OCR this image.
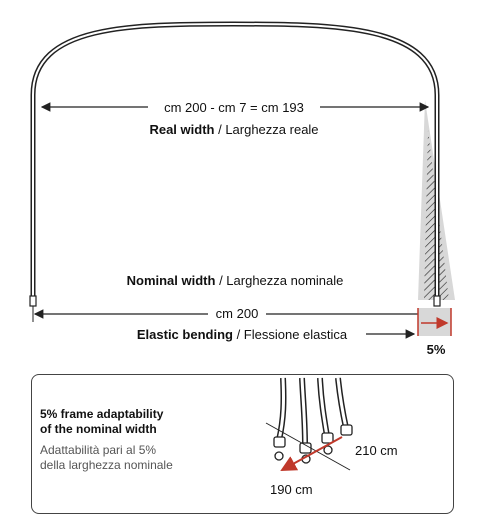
cm 200 - cm 7 = cm 193
Real width / Larghezza reale
Nominal width / Larghezza nominale
cm 200
Elastic bending / Flessione elastica
5%
5% frame adaptability
of the nominal width
Adattabilità pari al 5%
della larghezza nominale
210 cm
190 cm
